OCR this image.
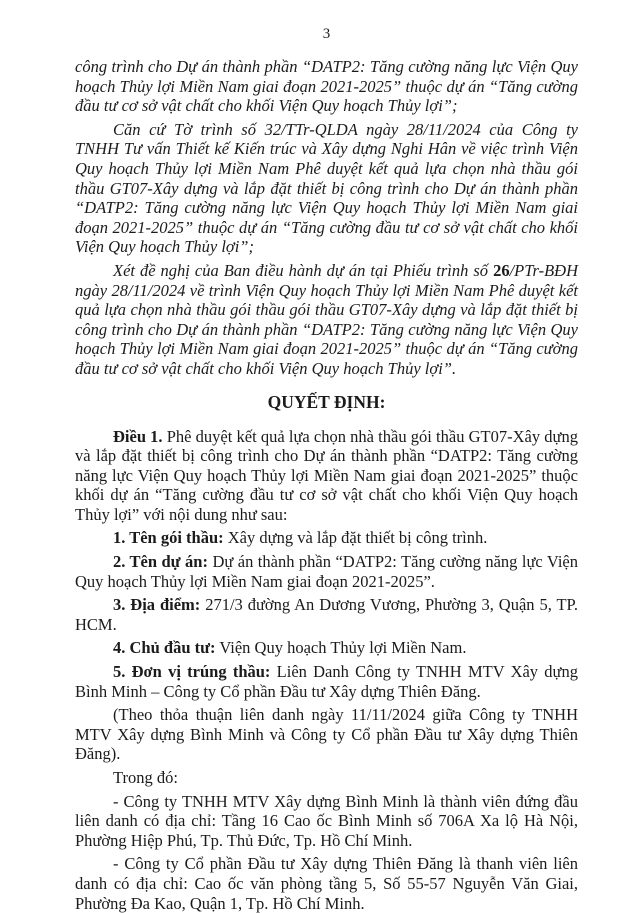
3

công trình cho Dự án thành phần “DATP2: Tăng cường năng lực Viện Quy hoạch Thủy lợi Miền Nam giai đoạn 2021-2025” thuộc dự án “Tăng cường đầu tư cơ sở vật chất cho khối Viện Quy hoạch Thủy lợi”;

Căn cứ Tờ trình số 32/TTr-QLDA ngày 28/11/2024 của Công ty TNHH Tư vấn Thiết kế Kiến trúc và Xây dựng Nghi Hân về việc trình Viện Quy hoạch Thủy lợi Miền Nam Phê duyệt kết quả lựa chọn nhà thầu gói thầu GT07-Xây dựng và lắp đặt thiết bị công trình cho Dự án thành phần “DATP2: Tăng cường năng lực Viện Quy hoạch Thủy lợi Miền Nam giai đoạn 2021-2025” thuộc dự án “Tăng cường đầu tư cơ sở vật chất cho khối Viện Quy hoạch Thủy lợi”;

Xét đề nghị của Ban điều hành dự án tại Phiếu trình số 26/PTr-BĐH ngày 28/11/2024 về trình Viện Quy hoạch Thủy lợi Miền Nam Phê duyệt kết quả lựa chọn nhà thầu gói thầu gói thầu GT07-Xây dựng và lắp đặt thiết bị công trình cho Dự án thành phần “DATP2: Tăng cường năng lực Viện Quy hoạch Thủy lợi Miền Nam giai đoạn 2021-2025” thuộc dự án “Tăng cường đầu tư cơ sở vật chất cho khối Viện Quy hoạch Thủy lợi”.

QUYẾT ĐỊNH:

Điều 1. Phê duyệt kết quả lựa chọn nhà thầu gói thầu GT07-Xây dựng và lắp đặt thiết bị công trình cho Dự án thành phần “DATP2: Tăng cường năng lực Viện Quy hoạch Thủy lợi Miền Nam giai đoạn 2021-2025” thuộc khối dự án “Tăng cường đầu tư cơ sở vật chất cho khối Viện Quy hoạch Thủy lợi” với nội dung như sau:

1. Tên gói thầu: Xây dựng và lắp đặt thiết bị công trình.

2. Tên dự án: Dự án thành phần “DATP2: Tăng cường năng lực Viện Quy hoạch Thủy lợi Miền Nam giai đoạn 2021-2025”.

3. Địa điểm: 271/3 đường An Dương Vương, Phường 3, Quận 5, TP. HCM.

4. Chủ đầu tư: Viện Quy hoạch Thủy lợi Miền Nam.

5. Đơn vị trúng thầu: Liên Danh Công ty TNHH MTV Xây dựng Bình Minh – Công ty Cổ phần Đầu tư Xây dựng Thiên Đăng.

(Theo thỏa thuận liên danh ngày 11/11/2024 giữa Công ty TNHH MTV Xây dựng Bình Minh và Công ty Cổ phần Đầu tư Xây dựng Thiên Đăng).

Trong đó:

- Công ty TNHH MTV Xây dựng Bình Minh là thành viên đứng đầu liên danh có địa chỉ: Tầng 16 Cao ốc Bình Minh số 706A Xa lộ Hà Nội, Phường Hiệp Phú, Tp. Thủ Đức, Tp. Hồ Chí Minh.

- Công ty Cổ phần Đầu tư Xây dựng Thiên Đăng là thanh viên liên danh có địa chỉ: Cao ốc văn phòng tầng 5, Số 55-57 Nguyễn Văn Giai, Phường Đa Kao, Quận 1, Tp. Hồ Chí Minh.
